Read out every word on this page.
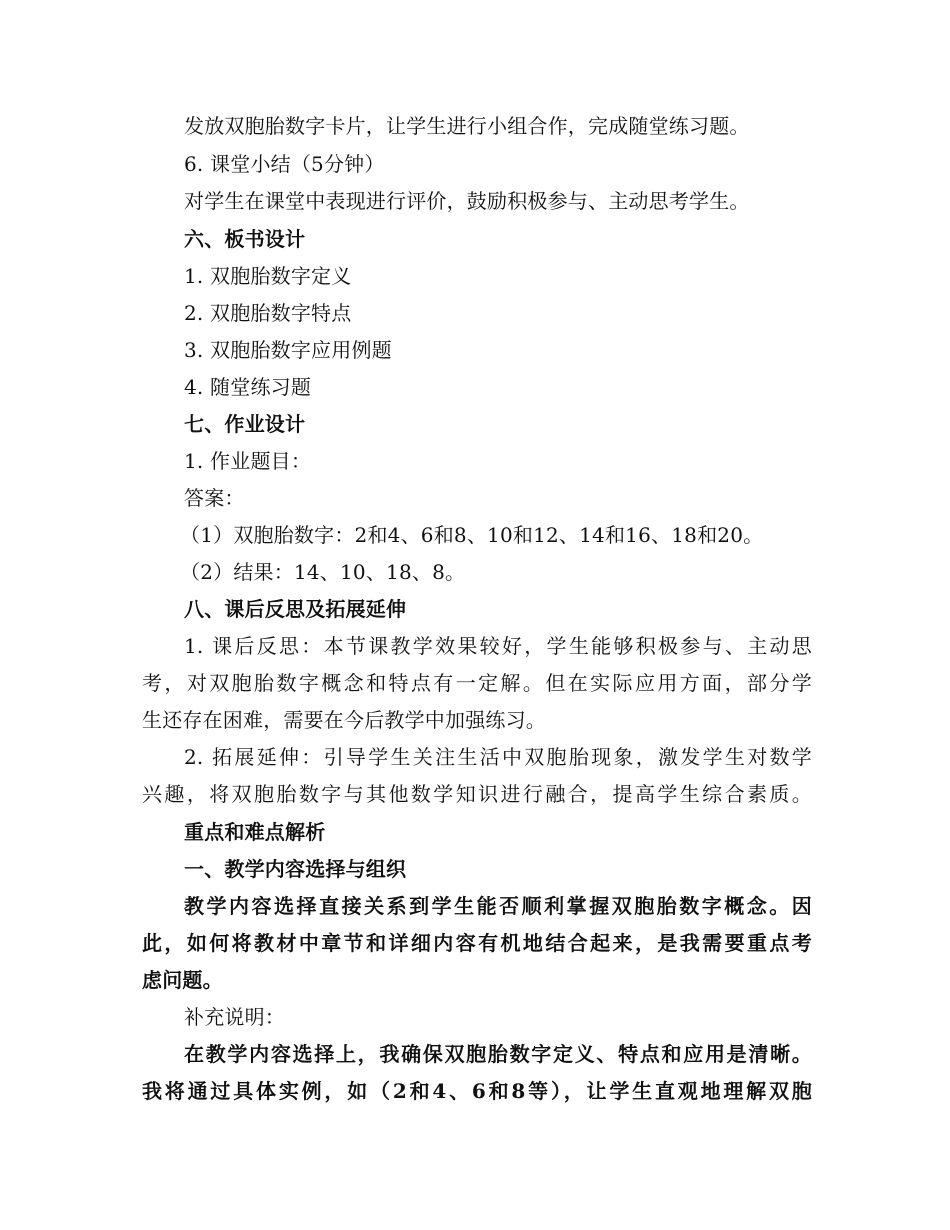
发放双胞胎数字卡片，让学生进行小组合作，完成随堂练习题。
6. 课堂小结（5分钟）
对学生在课堂中表现进行评价，鼓励积极参与、主动思考学生。
六、板书设计
1. 双胞胎数字定义
2. 双胞胎数字特点
3. 双胞胎数字应用例题
4. 随堂练习题
七、作业设计
1. 作业题目：
答案：
（1）双胞胎数字：2和4、6和8、10和12、14和16、18和20。
（2）结果：14、10、18、8。
八、课后反思及拓展延伸
1. 课后反思：本节课教学效果较好，学生能够积极参与、主动思
考，对双胞胎数字概念和特点有一定解。但在实际应用方面，部分学
生还存在困难，需要在今后教学中加强练习。
2. 拓展延伸：引导学生关注生活中双胞胎现象，激发学生对数学
兴趣，将双胞胎数字与其他数学知识进行融合，提高学生综合素质。
重点和难点解析
一、教学内容选择与组织
教学内容选择直接关系到学生能否顺利掌握双胞胎数字概念。因
此，如何将教材中章节和详细内容有机地结合起来，是我需要重点考
虑问题。
补充说明：
在教学内容选择上，我确保双胞胎数字定义、特点和应用是清晰。
我将通过具体实例，如（2和4、6和8等），让学生直观地理解双胞
